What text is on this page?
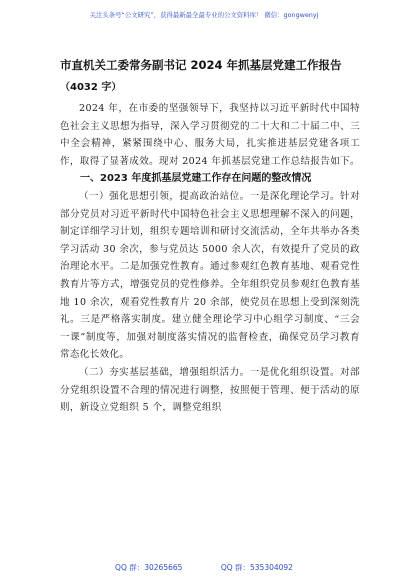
关注头条号“公文研究”，获得最新最全最专业的公文资料库！ 微信：gongwenyj
市直机关工委常务副书记 2024 年抓基层党建工作报告
（4032 字）

2024 年，在市委的坚强领导下，我坚持以习近平新时代中国特色社会主义思想为指导，深入学习贯彻党的二十大和二十届二中、三中全会精神，紧紧围绕中心、服务大局，扎实推进基层党建各项工作，取得了显著成效。现对 2024 年抓基层党建工作总结报告如下。

一、2023 年度抓基层党建工作存在问题的整改情况

（一）强化思想引领，提高政治站位。一是深化理论学习。针对部分党员对习近平新时代中国特色社会主义思想理解不深入的问题，制定详细学习计划，组织专题培训和研讨交流活动，全年共举办各类学习活动 30 余次，参与党员达 5000 余人次，有效提升了党员的政治理论水平。二是加强党性教育。通过参观红色教育基地、观看党性教育片等方式，增强党员的党性修养。全年组织党员参观红色教育基地 10 余次，观看党性教育片 20 余部，使党员在思想上受到深刻洗礼。三是严格落实制度。建立健全理论学习中心组学习制度、“三会一课”制度等，加强对制度落实情况的监督检查，确保党员学习教育常态化长效化。

（二）夯实基层基础，增强组织活力。一是优化组织设置。对部分党组织设置不合理的情况进行调整，按照便于管理、便于活动的原则，新设立党组织 5 个，调整党组织

QQ 群：30265665	QQ 群：535304092
